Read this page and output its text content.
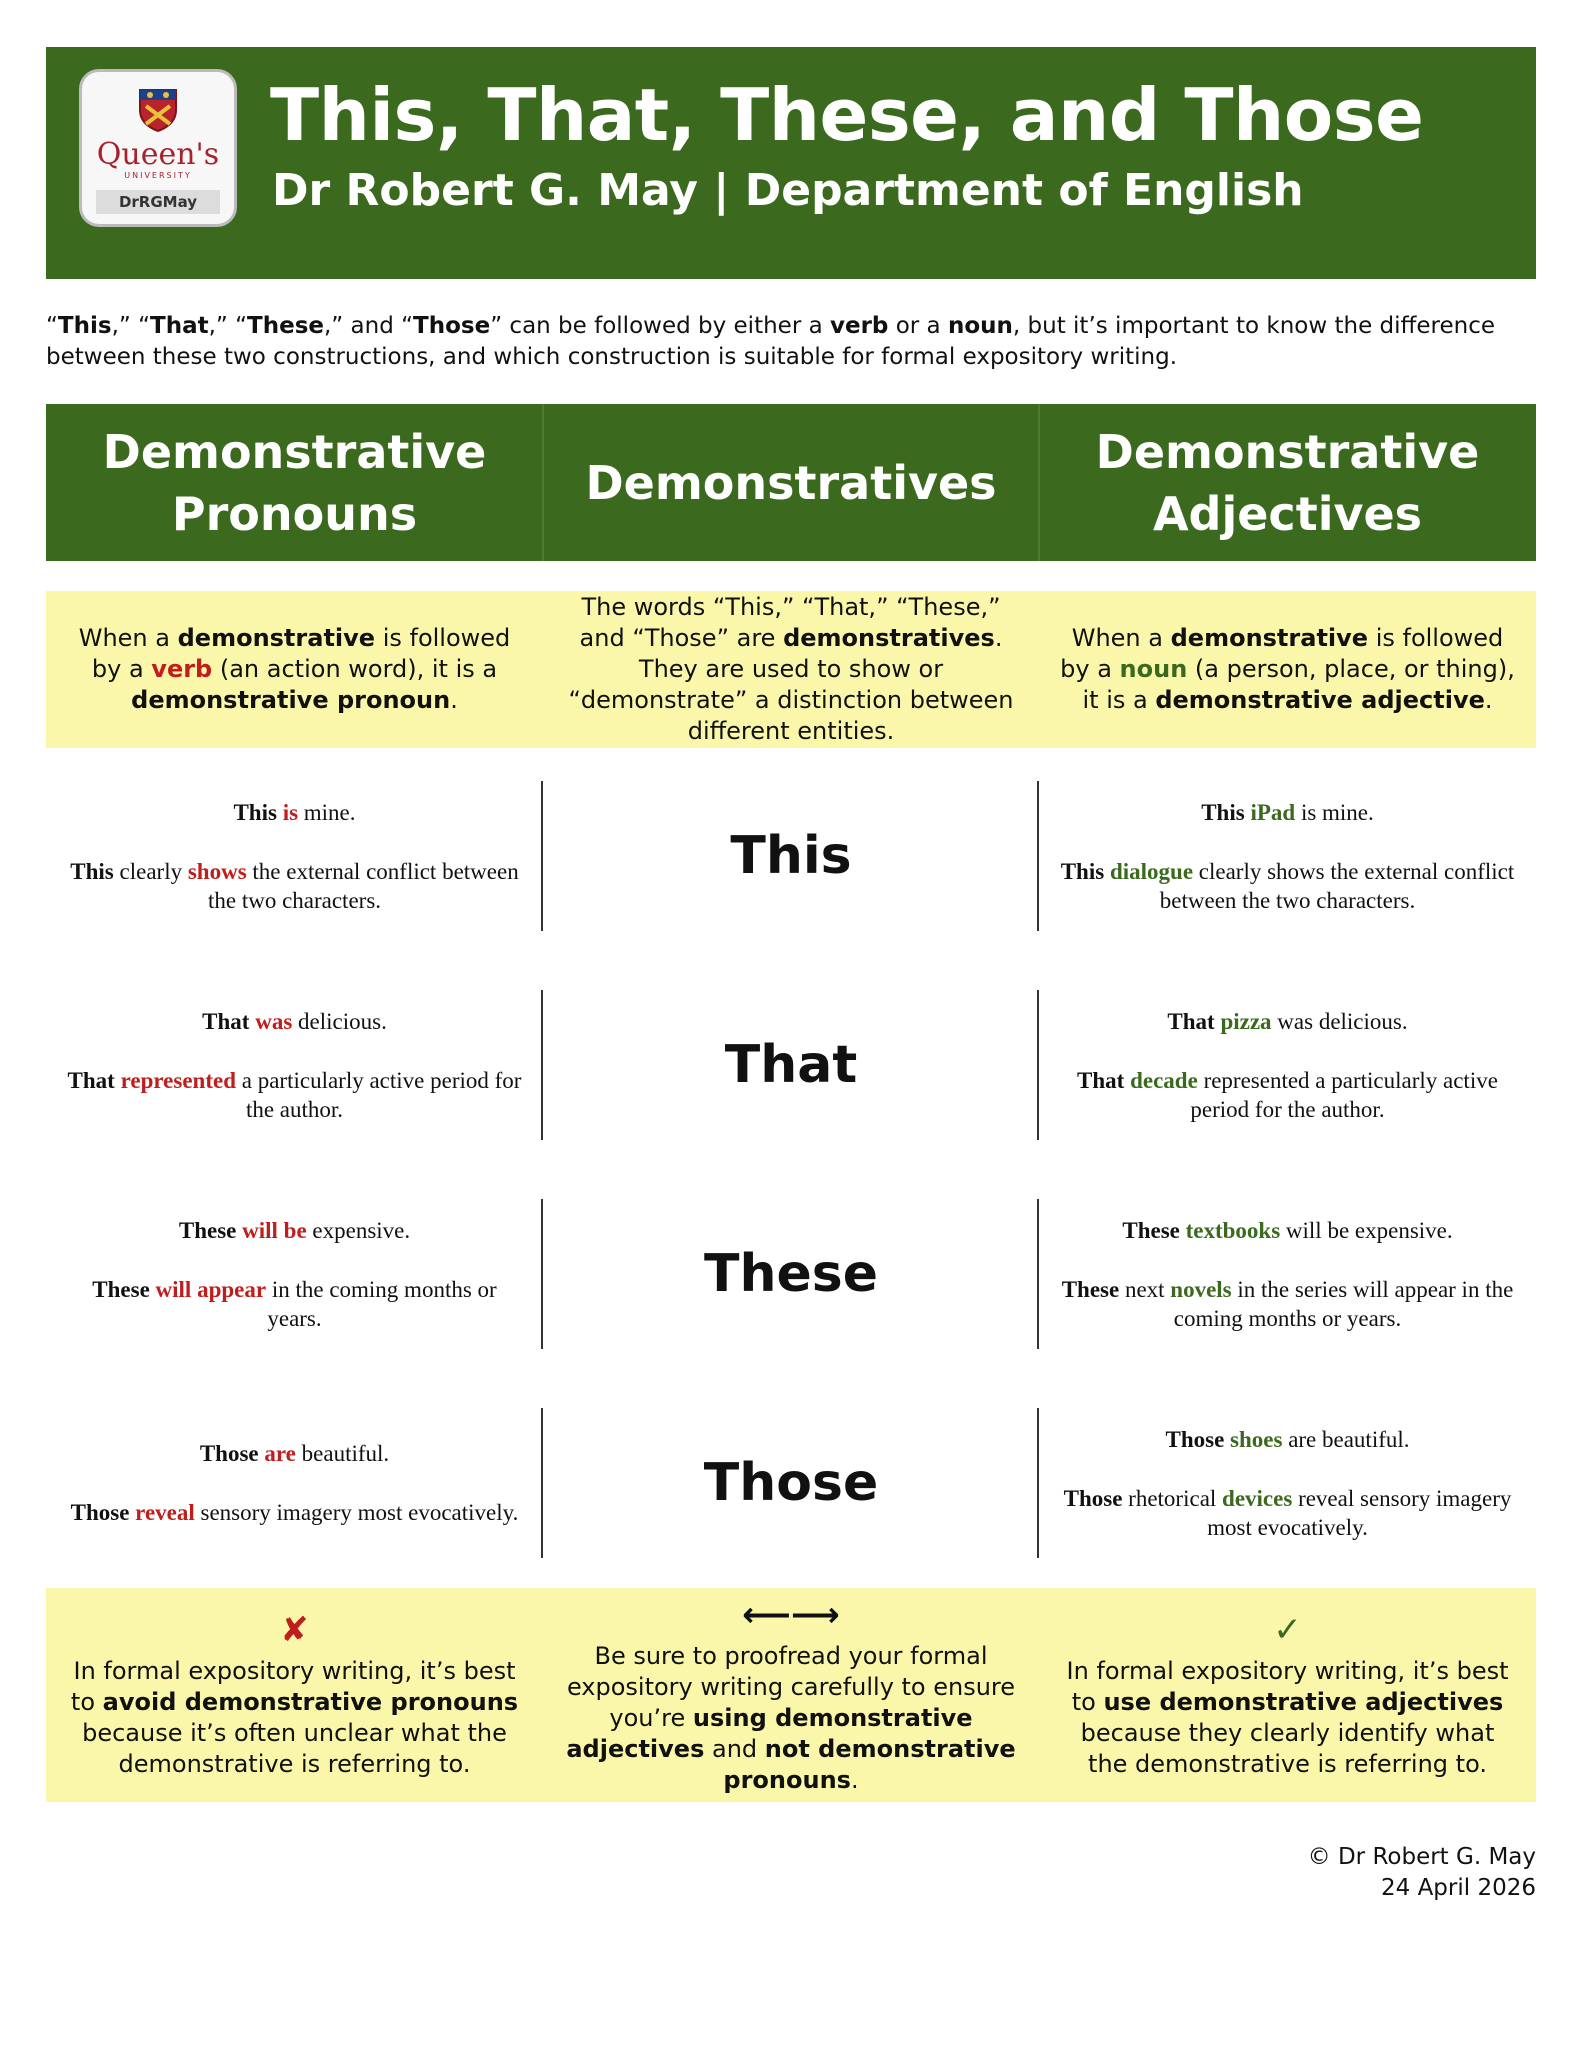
Queen's
UNIVERSITY
DrRGMay
This, That, These, and Those
Dr Robert G. May | Department of English
“This,” “That,” “These,” and “Those” can be followed by either a verb or a noun, but it’s important to know the difference between these two constructions, and which construction is suitable for formal expository writing.
Demonstrative
Pronouns
Demonstratives
Demonstrative
Adjectives
When a demonstrative is followed by a verb (an action word), it is a demonstrative pronoun.
The words “This,” “That,” “These,” and “Those” are demonstratives. They are used to show or “demonstrate” a distinction between different entities.
When a demonstrative is followed by a noun (a person, place, or thing), it is a demonstrative adjective.

This is mine.

This clearly shows the external conflict between the two characters.

This

This iPad is mine.

This dialogue clearly shows the external conflict between the two characters.

That was delicious.

That represented a particularly active period for the author.

That

That pizza was delicious.

That decade represented a particularly active period for the author.

These will be expensive.

These will appear in the coming months or years.

These

These textbooks will be expensive.

These next novels in the series will appear in the coming months or years.

Those are beautiful.

Those reveal sensory imagery most evocatively.	Those

Those shoes are beautiful.

Those rhetorical devices reveal sensory imagery most evocatively.

✘
In formal expository writing, it’s best to avoid demonstrative pronouns because it’s often unclear what the demonstrative is referring to.
⟵⟶
Be sure to proofread your formal expository writing carefully to ensure you’re using demonstrative adjectives and not demonstrative pronouns.
✓
In formal expository writing, it’s best to use demonstrative adjectives because they clearly identify what the demonstrative is referring to.
© Dr Robert G. May
24 April 2026
